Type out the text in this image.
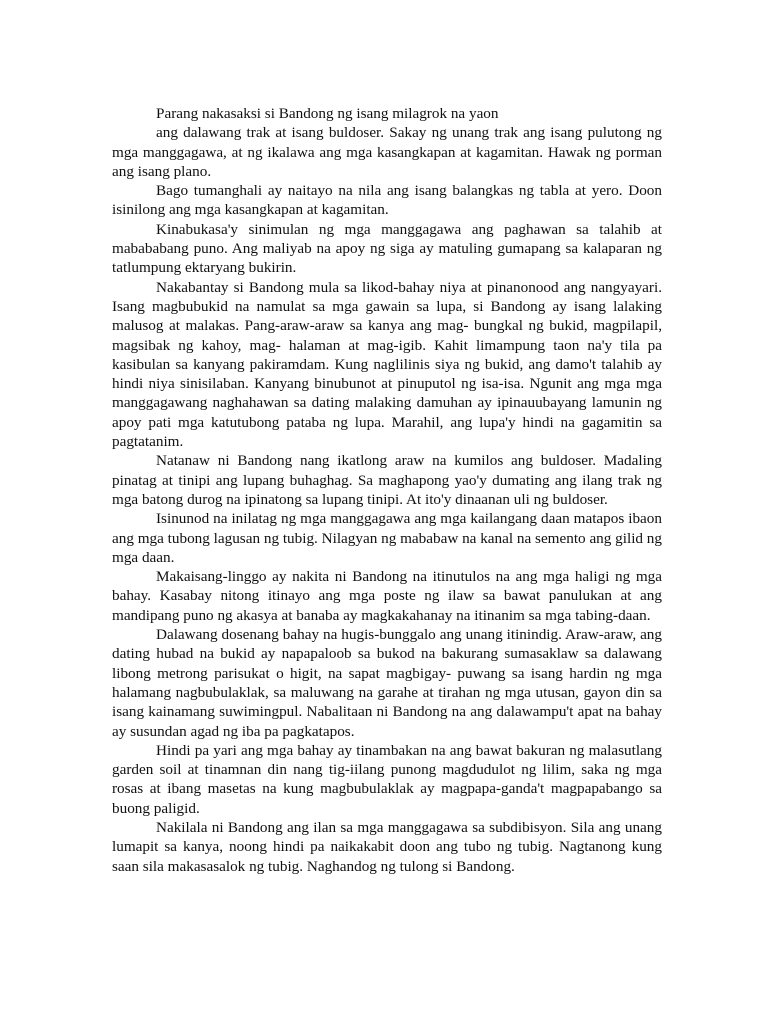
Parang nakasaksi si Bandong ng isang milagrok na yaon

ang dalawang trak at isang buldoser. Sakay ng unang trak ang isang pulutong ng mga manggagawa, at ng ikalawa ang mga kasangkapan at kagamitan. Hawak ng porman ang isang plano.

Bago tumanghali ay naitayo na nila ang isang balangkas ng tabla at yero. Doon isinilong ang mga kasangkapan at kagamitan.

Kinabukasa'y sinimulan ng mga manggagawa ang paghawan sa talahib at mabababang puno. Ang maliyab na apoy ng siga ay matuling gumapang sa kalaparan ng tatlumpung ektaryang bukirin.

Nakabantay si Bandong mula sa likod-bahay niya at pinanonood ang nangyayari. Isang magbubukid na namulat sa mga gawain sa lupa, si Bandong ay isang lalaking malusog at malakas. Pang-araw-araw sa kanya ang mag- bungkal ng bukid, magpilapil, magsibak ng kahoy, mag- halaman at mag-igib. Kahit limampung taon na'y tila pa kasibulan sa kanyang pakiramdam. Kung naglilinis siya ng bukid, ang damo't talahib ay hindi niya sinisilaban. Kanyang binubunot at pinuputol ng isa-isa. Ngunit ang mga mga manggagawang naghahawan sa dating malaking damuhan ay ipinauubayang lamunin ng apoy pati mga katutubong pataba ng lupa. Marahil, ang lupa'y hindi na gagamitin sa pagtatanim.

Natanaw ni Bandong nang ikatlong araw na kumilos ang buldoser. Madaling pinatag at tinipi ang lupang buhaghag. Sa maghapong yao'y dumating ang ilang trak ng mga batong durog na ipinatong sa lupang tinipi. At ito'y dinaanan uli ng buldoser.

Isinunod na inilatag ng mga manggagawa ang mga kailangang daan matapos ibaon ang mga tubong lagusan ng tubig. Nilagyan ng mababaw na kanal na semento ang gilid ng mga daan.

Makaisang-linggo ay nakita ni Bandong na itinutulos na ang mga haligi ng mga bahay. Kasabay nitong itinayo ang mga poste ng ilaw sa bawat panulukan at ang mandipang puno ng akasya at banaba ay magkakahanay na itinanim sa mga tabing-daan.

Dalawang dosenang bahay na hugis-bunggalo ang unang itinindig. Araw-araw, ang dating hubad na bukid ay napapaloob sa bukod na bakurang sumasaklaw sa dalawang libong metrong parisukat o higit, na sapat magbigay- puwang sa isang hardin ng mga halamang nagbubulaklak, sa maluwang na garahe at tirahan ng mga utusan, gayon din sa isang kainamang suwimingpul. Nabalitaan ni Bandong na ang dalawampu't apat na bahay ay susundan agad ng iba pa pagkatapos.

Hindi pa yari ang mga bahay ay tinambakan na ang bawat bakuran ng malasutlang garden soil at tinamnan din nang tig-iilang punong magdudulot ng lilim, saka ng mga rosas at ibang masetas na kung magbubulaklak ay magpapa-ganda't magpapabango sa buong paligid.

Nakilala ni Bandong ang ilan sa mga manggagawa sa subdibisyon. Sila ang unang lumapit sa kanya, noong hindi pa naikakabit doon ang tubo ng tubig. Nagtanong kung saan sila makasasalok ng tubig. Naghandog ng tulong si Bandong.
